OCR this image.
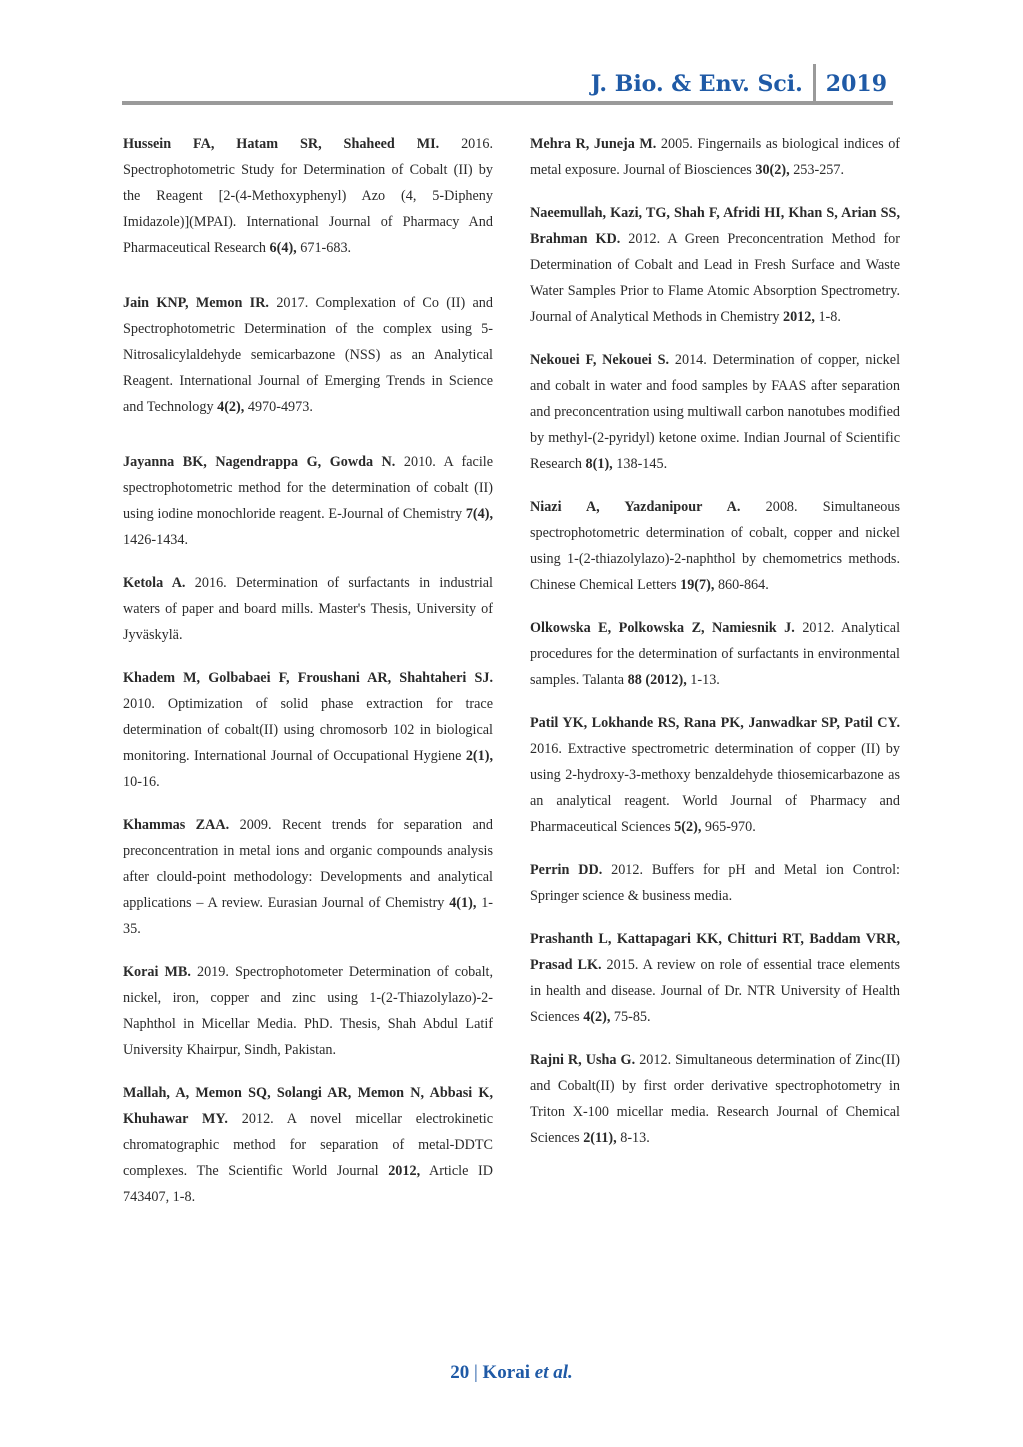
J. Bio. & Env. Sci. 2019

Hussein FA, Hatam SR, Shaheed MI. 2016. Spectrophotometric Study for Determination of Cobalt (II) by the Reagent [2-(4-Methoxyphenyl) Azo (4, 5-Dipheny Imidazole)](MPAI). International Journal of Pharmacy And Pharmaceutical Research 6(4), 671-683.

Jain KNP, Memon IR. 2017. Complexation of Co (II) and Spectrophotometric Determination of the complex using 5-Nitrosalicylaldehyde semicarbazone (NSS) as an Analytical Reagent. International Journal of Emerging Trends in Science and Technology 4(2), 4970-4973.

Jayanna BK, Nagendrappa G, Gowda N. 2010. A facile spectrophotometric method for the determination of cobalt (II) using iodine monochloride reagent. E-Journal of Chemistry 7(4), 1426-1434.

Ketola A. 2016. Determination of surfactants in industrial waters of paper and board mills. Master's Thesis, University of Jyväskylä.

Khadem M, Golbabaei F, Froushani AR, Shahtaheri SJ. 2010. Optimization of solid phase extraction for trace determination of cobalt(II) using chromosorb 102 in biological monitoring. International Journal of Occupational Hygiene 2(1), 10-16.

Khammas ZAA. 2009. Recent trends for separation and preconcentration in metal ions and organic compounds analysis after clould-point methodology: Developments and analytical applications – A review. Eurasian Journal of Chemistry 4(1), 1-35.

Korai MB. 2019. Spectrophotometer Determination of cobalt, nickel, iron, copper and zinc using 1-(2-Thiazolylazo)-2-Naphthol in Micellar Media. PhD. Thesis, Shah Abdul Latif University Khairpur, Sindh, Pakistan.

Mallah, A, Memon SQ, Solangi AR, Memon N, Abbasi K, Khuhawar MY. 2012. A novel micellar electrokinetic chromatographic method for separation of metal-DDTC complexes. The Scientific World Journal 2012, Article ID 743407, 1-8.

Mehra R, Juneja M. 2005. Fingernails as biological indices of metal exposure. Journal of Biosciences 30(2), 253-257.

Naeemullah, Kazi, TG, Shah F, Afridi HI, Khan S, Arian SS, Brahman KD. 2012. A Green Preconcentration Method for Determination of Cobalt and Lead in Fresh Surface and Waste Water Samples Prior to Flame Atomic Absorption Spectrometry. Journal of Analytical Methods in Chemistry 2012, 1-8.

Nekouei F, Nekouei S. 2014. Determination of copper, nickel and cobalt in water and food samples by FAAS after separation and preconcentration using multiwall carbon nanotubes modified by methyl-(2-pyridyl) ketone oxime. Indian Journal of Scientific Research 8(1), 138-145.

Niazi A, Yazdanipour A. 2008. Simultaneous spectrophotometric determination of cobalt, copper and nickel using 1-(2-thiazolylazo)-2-naphthol by chemometrics methods. Chinese Chemical Letters 19(7), 860-864.

Olkowska E, Polkowska Z, Namiesnik J. 2012. Analytical procedures for the determination of surfactants in environmental samples. Talanta 88 (2012), 1-13.

Patil YK, Lokhande RS, Rana PK, Janwadkar SP, Patil CY. 2016. Extractive spectrometric determination of copper (II) by using 2-hydroxy-3-methoxy benzaldehyde thiosemicarbazone as an analytical reagent. World Journal of Pharmacy and Pharmaceutical Sciences 5(2), 965-970.

Perrin DD. 2012. Buffers for pH and Metal ion Control: Springer science & business media.

Prashanth L, Kattapagari KK, Chitturi RT, Baddam VRR, Prasad LK. 2015. A review on role of essential trace elements in health and disease. Journal of Dr. NTR University of Health Sciences 4(2), 75-85.

Rajni R, Usha G. 2012. Simultaneous determination of Zinc(II) and Cobalt(II) by first order derivative spectrophotometry in Triton X-100 micellar media. Research Journal of Chemical Sciences 2(11), 8-13.

20 | Korai et al.
